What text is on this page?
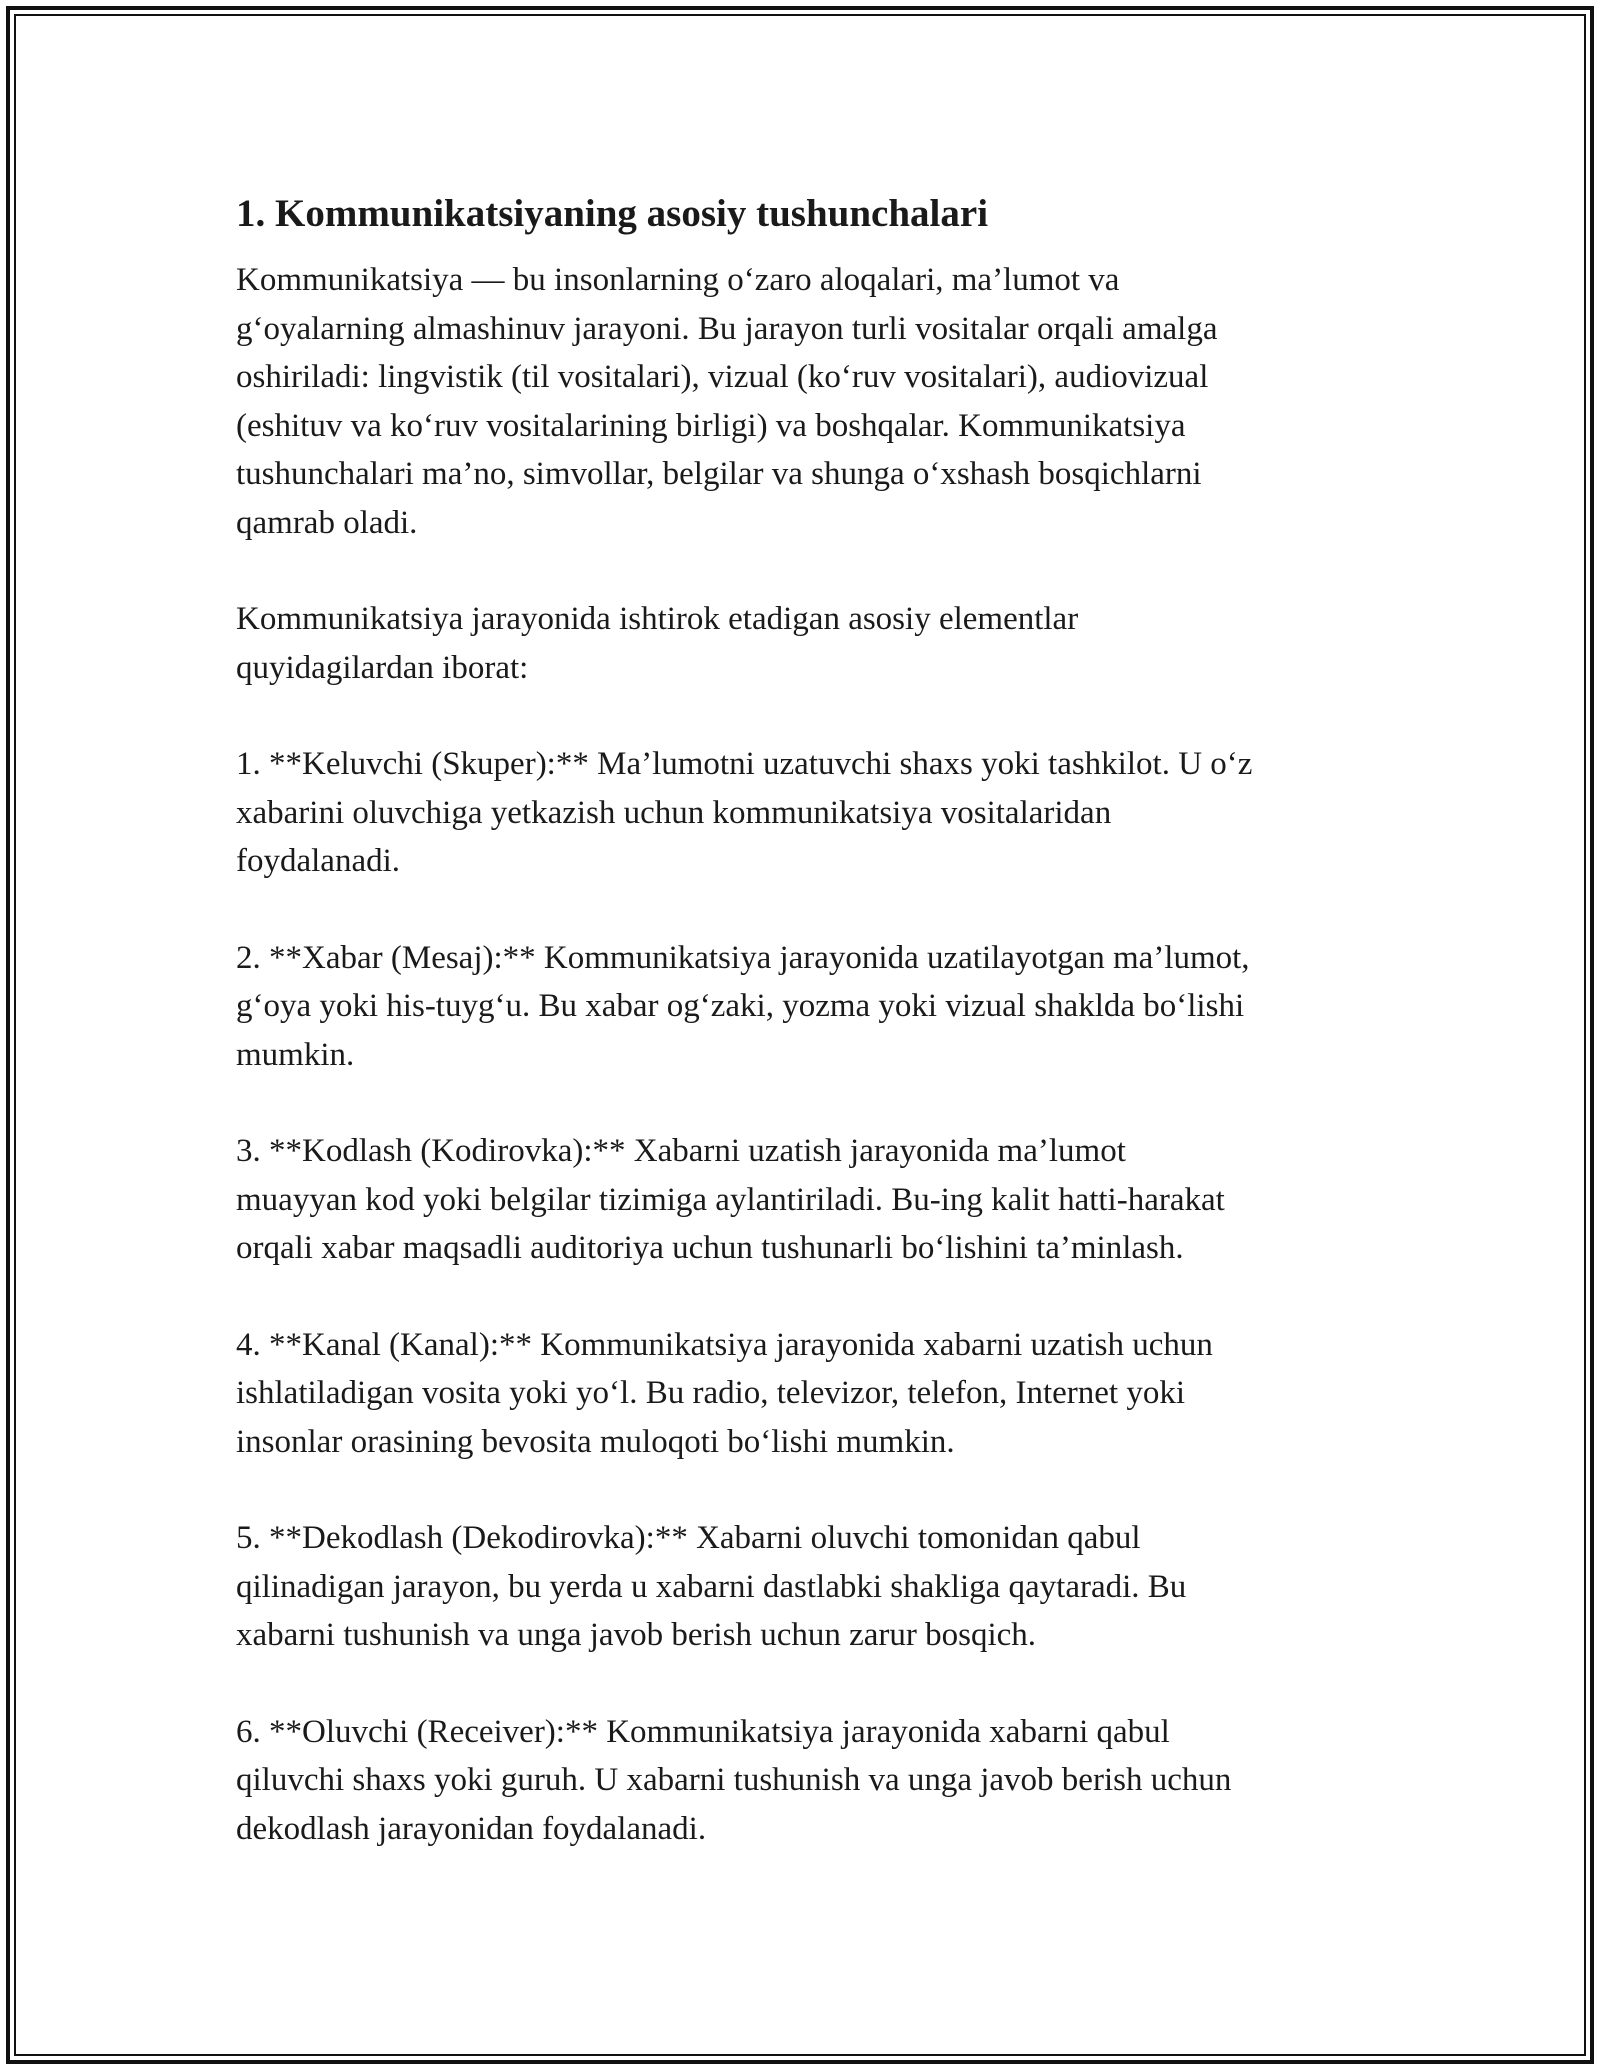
1. Kommunikatsiyaning asosiy tushunchalari

Kommunikatsiya — bu insonlarning o‘zaro aloqalari, ma’lumot va
g‘oyalarning almashinuv jarayoni. Bu jarayon turli vositalar orqali amalga
oshiriladi: lingvistik (til vositalari), vizual (ko‘ruv vositalari), audiovizual
(eshituv va ko‘ruv vositalarining birligi) va boshqalar. Kommunikatsiya
tushunchalari ma’no, simvollar, belgilar va shunga o‘xshash bosqichlarni
qamrab oladi.

Kommunikatsiya jarayonida ishtirok etadigan asosiy elementlar
quyidagilardan iborat:

1. **Keluvchi (Skuper):** Ma’lumotni uzatuvchi shaxs yoki tashkilot. U o‘z
xabarini oluvchiga yetkazish uchun kommunikatsiya vositalaridan
foydalanadi.

2. **Xabar (Mesaj):** Kommunikatsiya jarayonida uzatilayotgan ma’lumot,
g‘oya yoki his-tuyg‘u. Bu xabar og‘zaki, yozma yoki vizual shaklda bo‘lishi
mumkin.

3. **Kodlash (Kodirovka):** Xabarni uzatish jarayonida ma’lumot
muayyan kod yoki belgilar tizimiga aylantiriladi. Bu-ing kalit hatti-harakat
orqali xabar maqsadli auditoriya uchun tushunarli bo‘lishini ta’minlash.

4. **Kanal (Kanal):** Kommunikatsiya jarayonida xabarni uzatish uchun
ishlatiladigan vosita yoki yo‘l. Bu radio, televizor, telefon, Internet yoki
insonlar orasining bevosita muloqoti bo‘lishi mumkin.

5. **Dekodlash (Dekodirovka):** Xabarni oluvchi tomonidan qabul
qilinadigan jarayon, bu yerda u xabarni dastlabki shakliga qaytaradi. Bu
xabarni tushunish va unga javob berish uchun zarur bosqich.

6. **Oluvchi (Receiver):** Kommunikatsiya jarayonida xabarni qabul
qiluvchi shaxs yoki guruh. U xabarni tushunish va unga javob berish uchun
dekodlash jarayonidan foydalanadi.
